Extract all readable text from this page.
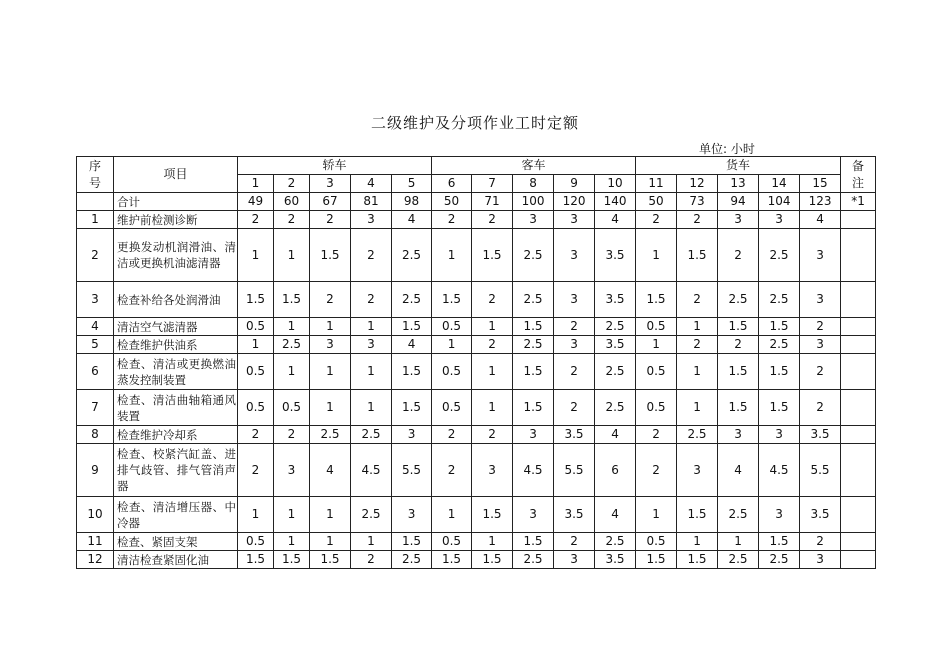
二级维护及分项作业工时定额
单位: 小时
序号	项目	轿车					客车					货车					备注
		1	2	3	4	5	6	7	8	9	10	11	12	13	14	15	
	合计	49	60	67	81	98	50	71	100	120	140	50	73	94	104	123	*1
1	维护前检测诊断	2	2	2	3	4	2	2	3	3	4	2	2	3	3	4	
2	更换发动机润滑油、清洁或更换机油滤清器	1	1	1.5	2	2.5	1	1.5	2.5	3	3.5	1	1.5	2	2.5	3	
3	检查补给各处润滑油	1.5	1.5	2	2	2.5	1.5	2	2.5	3	3.5	1.5	2	2.5	2.5	3	
4	清洁空气滤清器	0.5	1	1	1	1.5	0.5	1	1.5	2	2.5	0.5	1	1.5	1.5	2	
5	检查维护供油系	1	2.5	3	3	4	1	2	2.5	3	3.5	1	2	2	2.5	3	
6	检查、清洁或更换燃油蒸发控制装置	0.5	1	1	1	1.5	0.5	1	1.5	2	2.5	0.5	1	1.5	1.5	2	
7	检查、清洁曲轴箱通风装置	0.5	0.5	1	1	1.5	0.5	1	1.5	2	2.5	0.5	1	1.5	1.5	2	
8	检查维护冷却系	2	2	2.5	2.5	3	2	2	3	3.5	4	2	2.5	3	3	3.5	
9	检查、校紧汽缸盖、进排气歧管、排气管消声器	2	3	4	4.5	5.5	2	3	4.5	5.5	6	2	3	4	4.5	5.5	
10	检查、清洁增压器、中冷器	1	1	1	2.5	3	1	1.5	3	3.5	4	1	1.5	2.5	3	3.5	
11	检查、紧固支架	0.5	1	1	1	1.5	0.5	1	1.5	2	2.5	0.5	1	1	1.5	2	
12	清洁检查紧固化油	1.5	1.5	1.5	2	2.5	1.5	1.5	2.5	3	3.5	1.5	1.5	2.5	2.5	3	
